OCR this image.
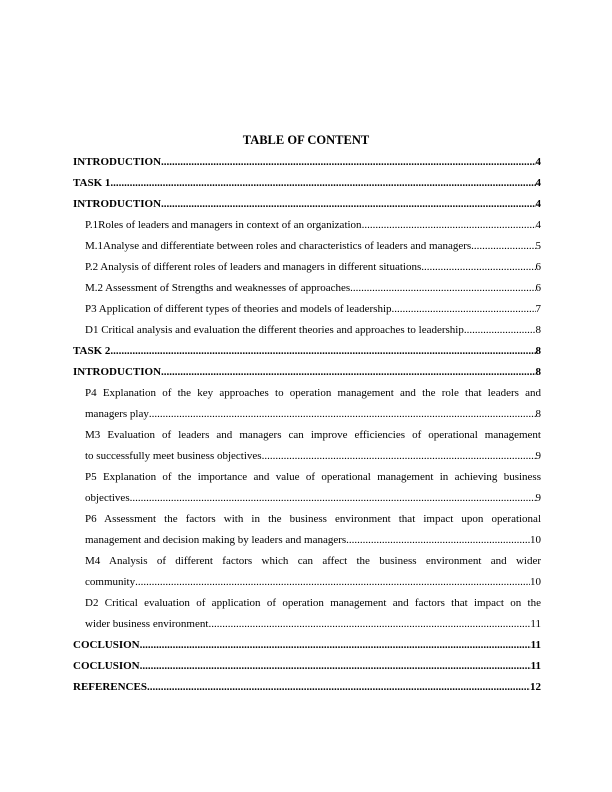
TABLE OF CONTENT
INTRODUCTION .....	4
TASK 1 .....	4
INTRODUCTION .....	4
P.1Roles of leaders and managers in context of an organization .....	4
M.1Analyse and differentiate between roles and characteristics of leaders and managers .....	5
P.2 Analysis of different roles of leaders and managers in different situations .....	6
M.2 Assessment of Strengths and weaknesses of approaches .....	6
P3 Application of different types of theories and models of leadership .....	7
D1 Critical analysis and evaluation the different theories and approaches to leadership .....	8
TASK 2 .....	8
INTRODUCTION .....	8
P4 Explanation of the key approaches to operation management and the role that leaders and
managers play .....	8
M3 Evaluation of leaders and managers can improve efficiencies of operational management
to successfully meet business objectives .....	9
P5 Explanation of the importance and value of operational management in achieving business
objectives .....	9
P6 Assessment the factors with in the business environment that impact upon operational
management and decision making by leaders and managers .....	10
M4 Analysis of different factors which can affect the business environment and wider
community .....	10
D2 Critical evaluation of application of operation management and factors that impact on the
wider business environment .....	11
COCLUSION .....	11
COCLUSION .....	11
REFERENCES .....	12
